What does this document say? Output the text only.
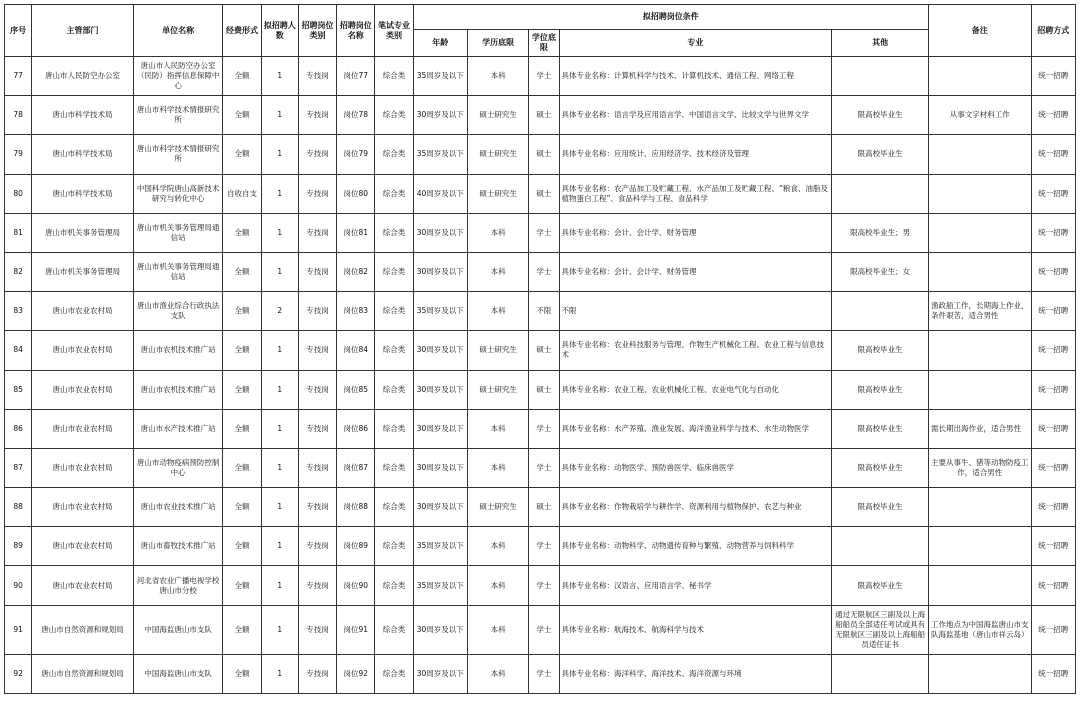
序号	主管部门	单位名称	经费形式	拟招聘人数	招聘岗位类别	招聘岗位名称	笔试专业类别	拟招聘岗位条件					备注	招聘方式
								年龄	学历底限	学位底限	专业	其他		
77	唐山市人民防空办公室	唐山市人民防空办公室（民防）指挥信息保障中心	全额	1	专技岗	岗位77	综合类	35周岁及以下	本科	学士	具体专业名称：计算机科学与技术、计算机技术、通信工程、网络工程			统一招聘
78	唐山市科学技术局	唐山市科学技术情报研究所	全额	1	专技岗	岗位78	综合类	30周岁及以下	硕士研究生	硕士	具体专业名称：语言学及应用语言学、中国语言文学、比较文学与世界文学	限高校毕业生	从事文字材料工作	统一招聘
79	唐山市科学技术局	唐山市科学技术情报研究所	全额	1	专技岗	岗位79	综合类	35周岁及以下	硕士研究生	硕士	具体专业名称：应用统计、应用经济学、技术经济及管理	限高校毕业生		统一招聘
80	唐山市科学技术局	中国科学院唐山高新技术研究与转化中心	自收自支	1	专技岗	岗位80	综合类	40周岁及以下	硕士研究生	硕士	具体专业名称：农产品加工及贮藏工程、水产品加工及贮藏工程、“粮食、油脂及植物蛋白工程”、食品科学与工程、食品科学			统一招聘
81	唐山市机关事务管理局	唐山市机关事务管理局通信站	全额	1	专技岗	岗位81	综合类	30周岁及以下	本科	学士	具体专业名称：会计、会计学、财务管理	限高校毕业生；男		统一招聘
82	唐山市机关事务管理局	唐山市机关事务管理局通信站	全额	1	专技岗	岗位82	综合类	30周岁及以下	本科	学士	具体专业名称：会计、会计学、财务管理	限高校毕业生；女		统一招聘
83	唐山市农业农村局	唐山市渔业综合行政执法支队	全额	2	专技岗	岗位83	综合类	35周岁及以下	本科	不限	不限		渔政船工作，长期海上作业，条件艰苦，适合男性	统一招聘
84	唐山市农业农村局	唐山市农机技术推广站	全额	1	专技岗	岗位84	综合类	30周岁及以下	硕士研究生	硕士	具体专业名称：农业科技服务与管理、作物生产机械化工程、农业工程与信息技术	限高校毕业生		统一招聘
85	唐山市农业农村局	唐山市农机技术推广站	全额	1	专技岗	岗位85	综合类	30周岁及以下	硕士研究生	硕士	具体专业名称：农业工程、农业机械化工程、农业电气化与自动化	限高校毕业生		统一招聘
86	唐山市农业农村局	唐山市水产技术推广站	全额	1	专技岗	岗位86	综合类	30周岁及以下	本科	学士	具体专业名称：水产养殖、渔业发展、海洋渔业科学与技术、水生动物医学	限高校毕业生	需长期出海作业，适合男性	统一招聘
87	唐山市农业农村局	唐山市动物疫病预防控制中心	全额	1	专技岗	岗位87	综合类	30周岁及以下	本科	学士	具体专业名称：动物医学、预防兽医学、临床兽医学	限高校毕业生	主要从事牛、猪等动物防疫工作，适合男性	统一招聘
88	唐山市农业农村局	唐山市农业技术推广站	全额	1	专技岗	岗位88	综合类	30周岁及以下	硕士研究生	硕士	具体专业名称：作物栽培学与耕作学、资源利用与植物保护、农艺与种业	限高校毕业生		统一招聘
89	唐山市农业农村局	唐山市畜牧技术推广站	全额	1	专技岗	岗位89	综合类	35周岁及以下	本科	学士	具体专业名称：动物科学、动物遗传育种与繁殖、动物营养与饲料科学			统一招聘
90	唐山市农业农村局	河北省农业广播电视学校唐山市分校	全额	1	专技岗	岗位90	综合类	35周岁及以下	本科	学士	具体专业名称：汉语言、应用语言学、秘书学	限高校毕业生		统一招聘
91	唐山市自然资源和规划局	中国海监唐山市支队	全额	1	专技岗	岗位91	综合类	30周岁及以下	本科	学士	具体专业名称：航海技术、航海科学与技术	通过无限航区三副及以上海船船员全部适任考试或具有无限航区三副及以上海船船员适任证书	工作地点为中国海监唐山市支队海监基地（唐山市祥云岛）	统一招聘
92	唐山市自然资源和规划局	中国海监唐山市支队	全额	1	专技岗	岗位92	综合类	30周岁及以下	本科	学士	具体专业名称：海洋科学、海洋技术、海洋资源与环境			统一招聘
